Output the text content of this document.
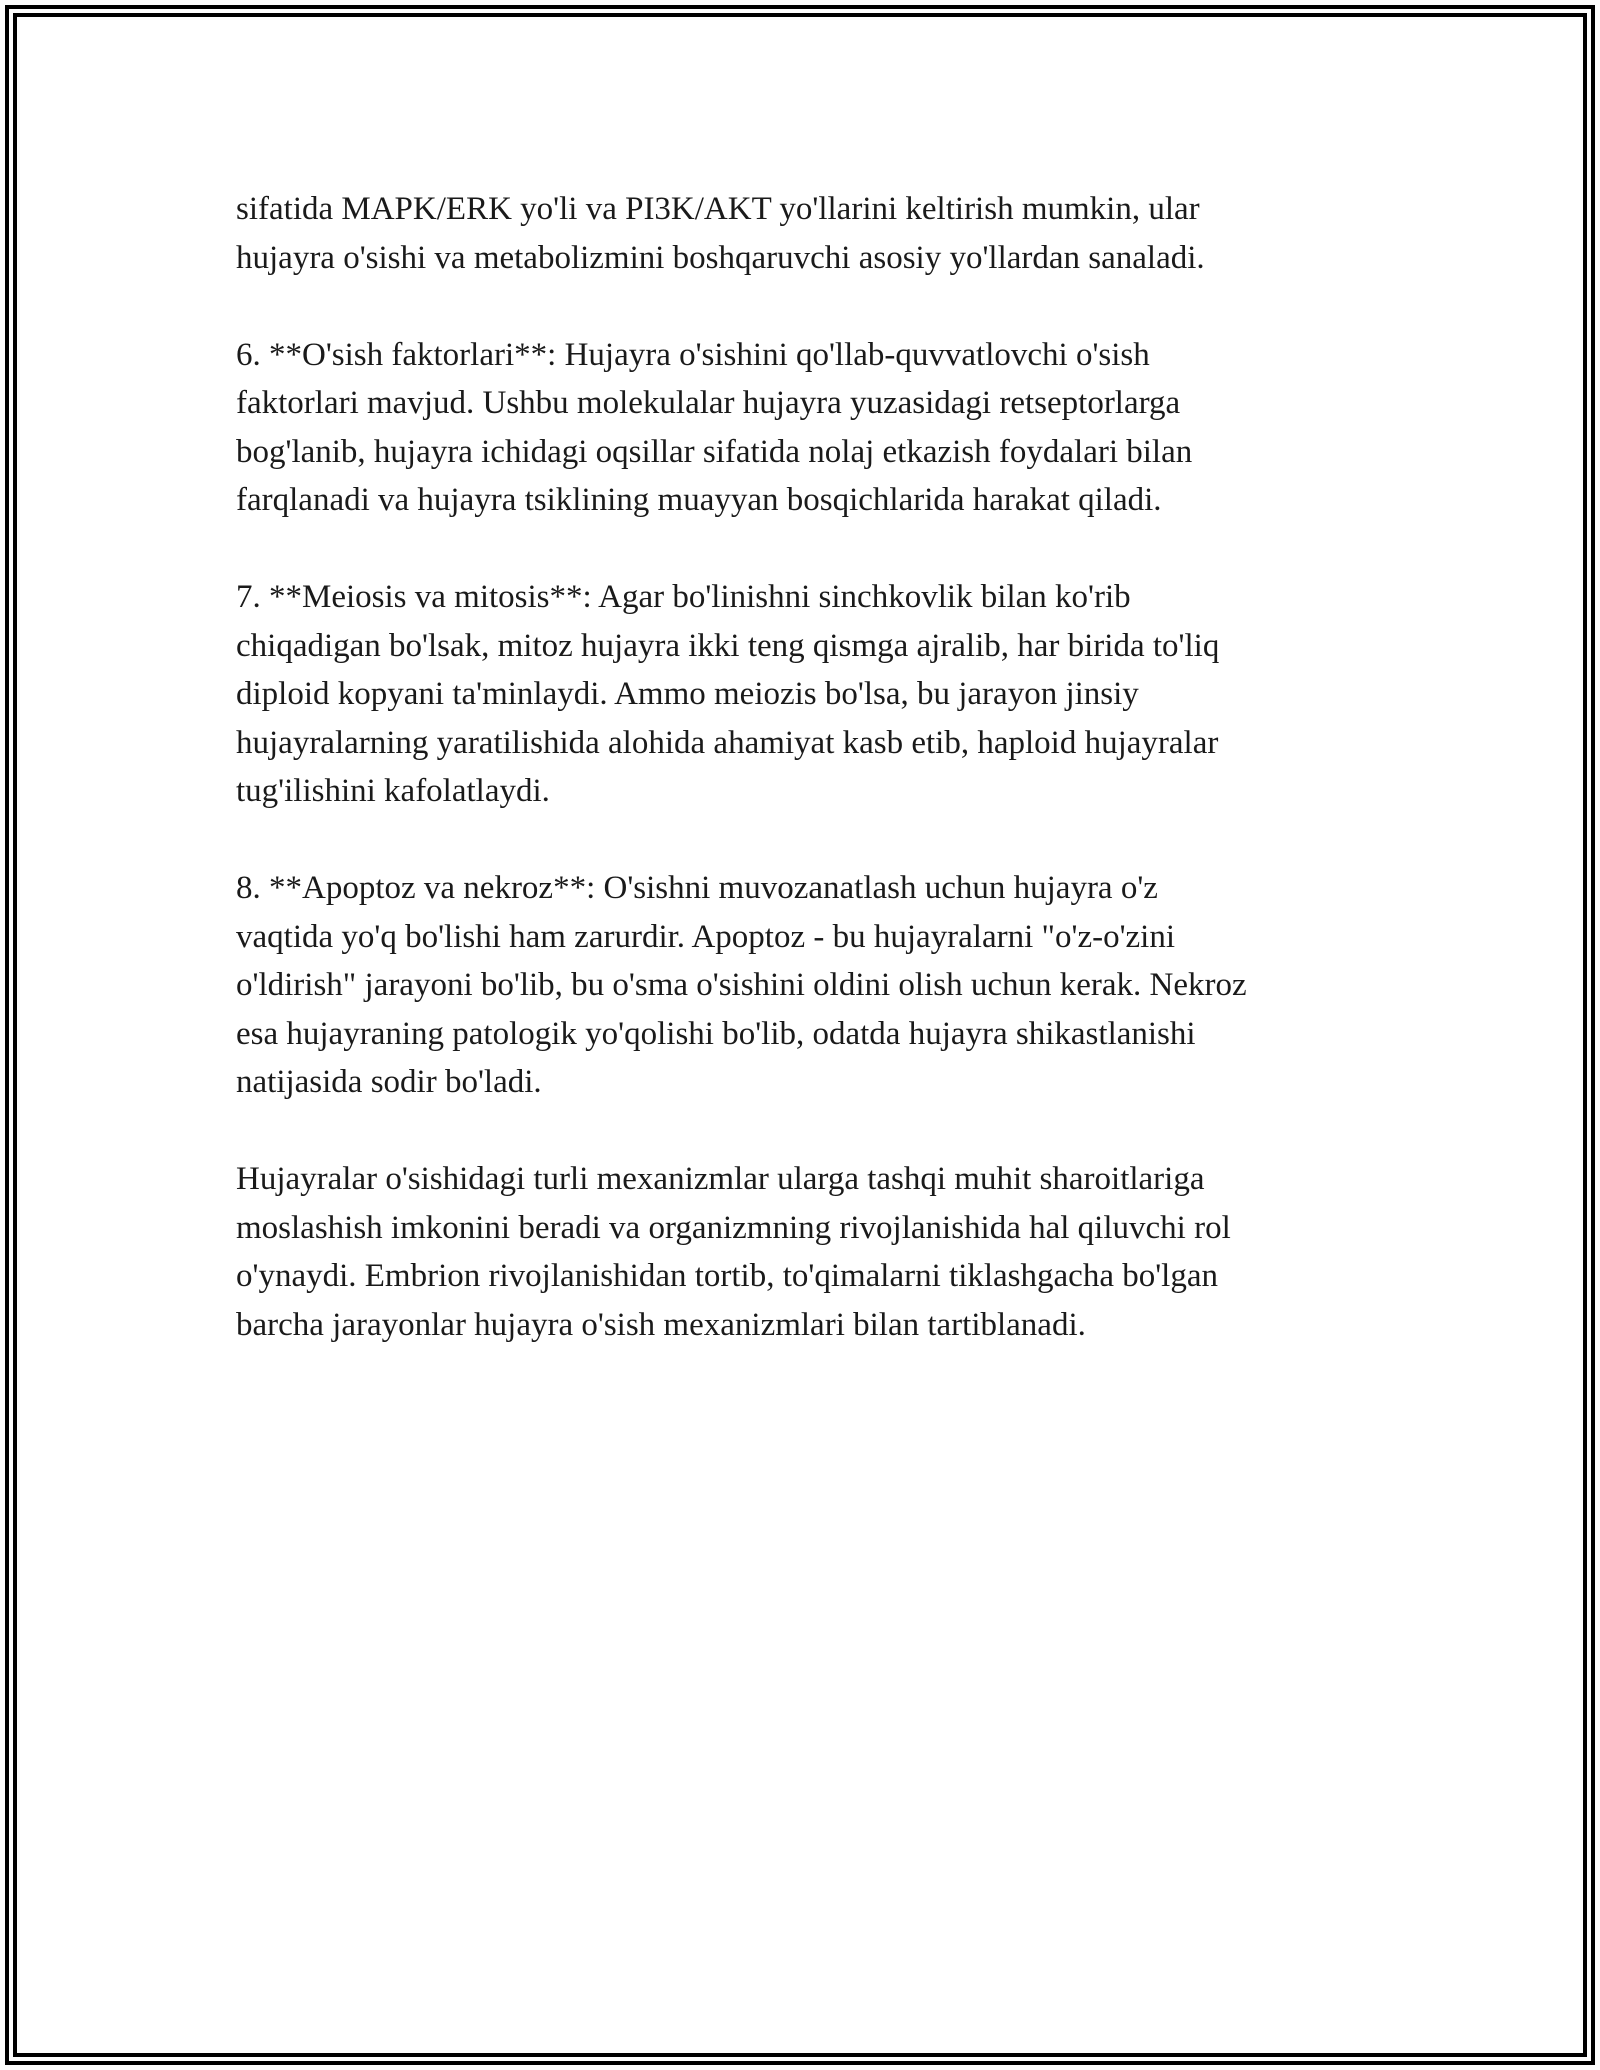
sifatida MAPK/ERK yo'li va PI3K/AKT yo'llarini keltirish mumkin, ular
hujayra o'sishi va metabolizmini boshqaruvchi asosiy yo'llardan sanaladi.

6. **O'sish faktorlari**: Hujayra o'sishini qo'llab-quvvatlovchi o'sish
faktorlari mavjud. Ushbu molekulalar hujayra yuzasidagi retseptorlarga
bog'lanib, hujayra ichidagi oqsillar sifatida nolaj etkazish foydalari bilan
farqlanadi va hujayra tsiklining muayyan bosqichlarida harakat qiladi.

7. **Meiosis va mitosis**: Agar bo'linishni sinchkovlik bilan ko'rib
chiqadigan bo'lsak, mitoz hujayra ikki teng qismga ajralib, har birida to'liq
diploid kopyani ta'minlaydi. Ammo meiozis bo'lsa, bu jarayon jinsiy
hujayralarning yaratilishida alohida ahamiyat kasb etib, haploid hujayralar
tug'ilishini kafolatlaydi.

8. **Apoptoz va nekroz**: O'sishni muvozanatlash uchun hujayra o'z
vaqtida yo'q bo'lishi ham zarurdir. Apoptoz - bu hujayralarni "o'z-o'zini
o'ldirish" jarayoni bo'lib, bu o'sma o'sishini oldini olish uchun kerak. Nekroz
esa hujayraning patologik yo'qolishi bo'lib, odatda hujayra shikastlanishi
natijasida sodir bo'ladi.

Hujayralar o'sishidagi turli mexanizmlar ularga tashqi muhit sharoitlariga
moslashish imkonini beradi va organizmning rivojlanishida hal qiluvchi rol
o'ynaydi. Embrion rivojlanishidan tortib, to'qimalarni tiklashgacha bo'lgan
barcha jarayonlar hujayra o'sish mexanizmlari bilan tartiblanadi.
